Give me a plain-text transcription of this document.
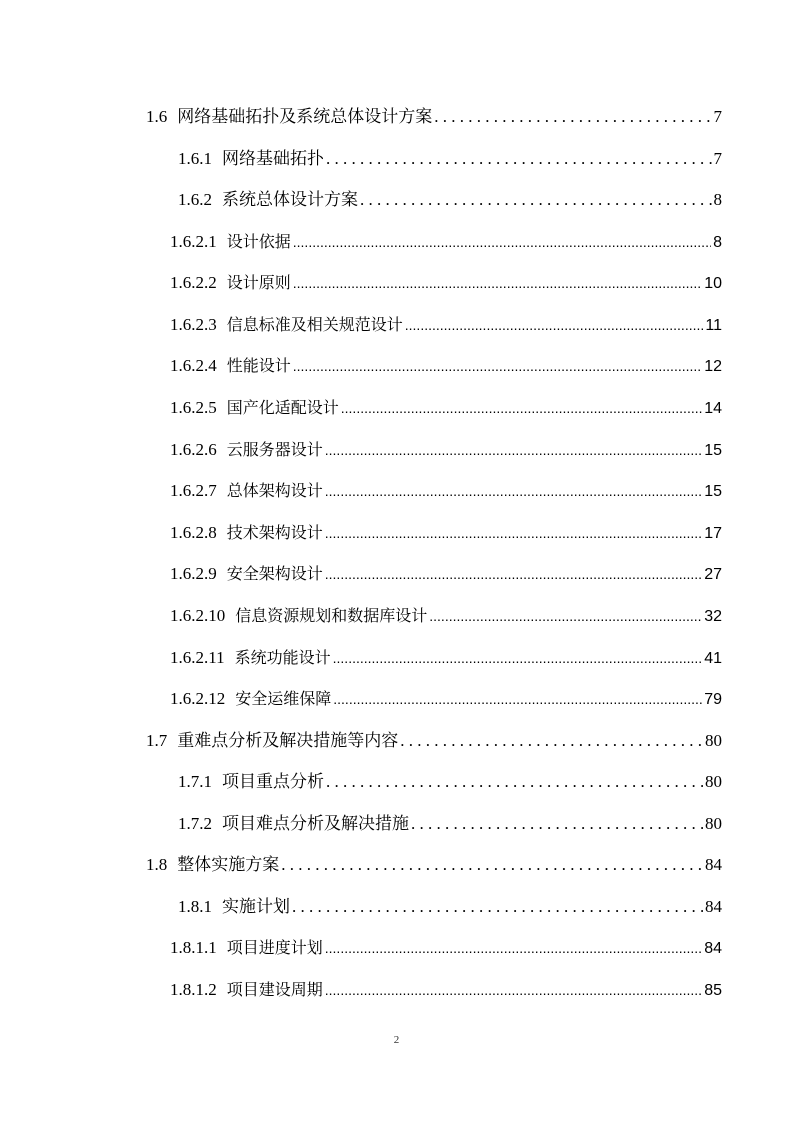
1.6 网络基础拓扑及系统总体设计方案 . . .	7
1.6.1 网络基础拓扑 . . .	7
1.6.2 系统总体设计方案 . . .	8
1.6.2.1 设计依据 .....	8
1.6.2.2 设计原则 .....	10
1.6.2.3 信息标准及相关规范设计 .....	11
1.6.2.4 性能设计 .....	12
1.6.2.5 国产化适配设计 .....	14
1.6.2.6 云服务器设计 .....	15
1.6.2.7 总体架构设计 .....	15
1.6.2.8 技术架构设计 .....	17
1.6.2.9 安全架构设计 .....	27
1.6.2.10 信息资源规划和数据库设计 .....	32
1.6.2.11 系统功能设计 .....	41
1.6.2.12 安全运维保障 .....	79
1.7 重难点分析及解决措施等内容 . . .	80
1.7.1 项目重点分析 . . .	80
1.7.2 项目难点分析及解决措施 . . .	80
1.8 整体实施方案 . . .	84
1.8.1 实施计划 . . .	84
1.8.1.1 项目进度计划 .....	84
1.8.1.2 项目建设周期 .....	85
2
